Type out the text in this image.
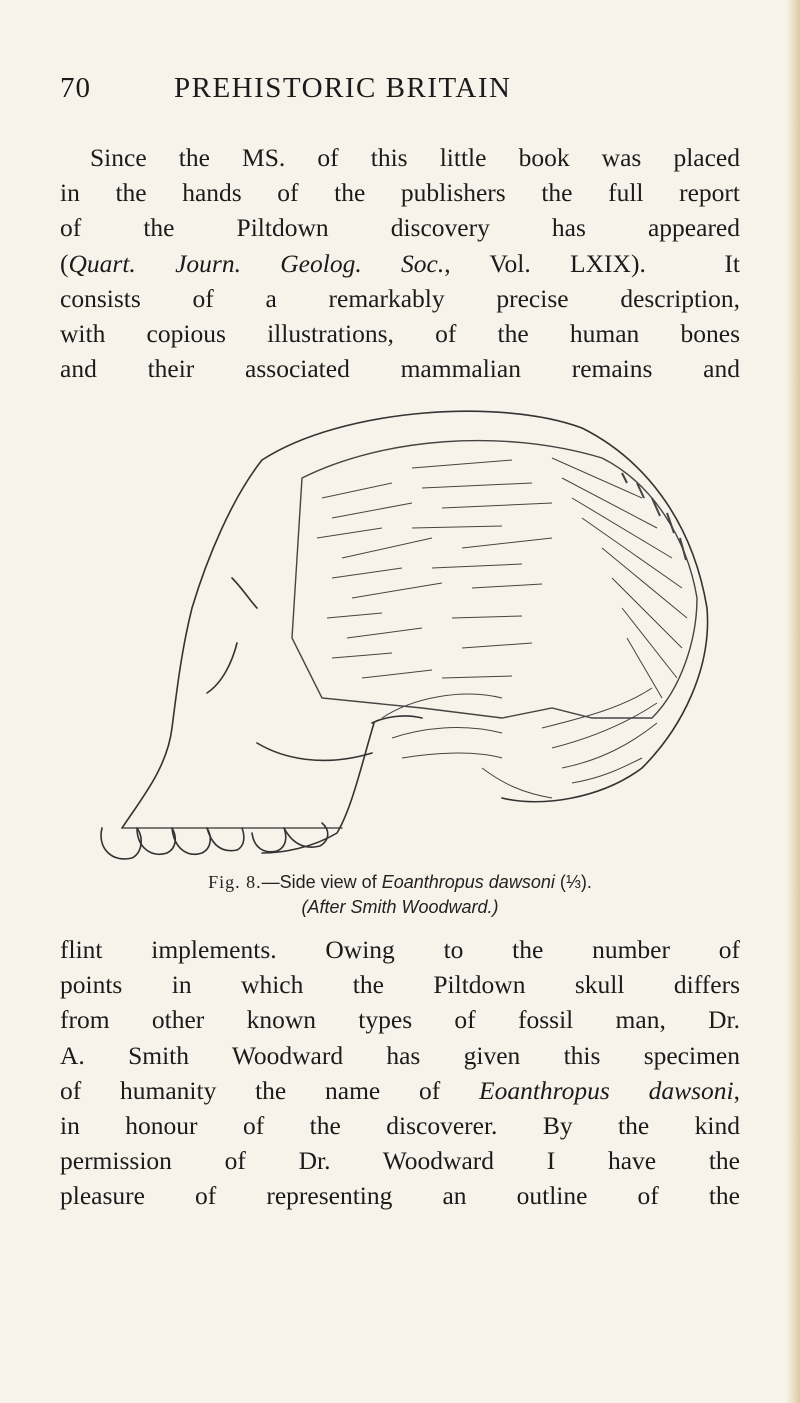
70	PREHISTORIC BRITAIN
Since the MS. of this little book was placed
in the hands of the publishers the full report
of the Piltdown discovery has appeared
(Quart. Journ. Geolog. Soc., Vol. LXIX).  It
consists of a remarkably precise description,
with copious illustrations, of the human bones
and their associated mammalian remains and
Fig. 8.—Side view of Eoanthropus dawsoni (⅓).
(After Smith Woodward.)
flint implements. Owing to the number of
points in which the Piltdown skull differs
from other known types of fossil man, Dr.
A. Smith Woodward has given this specimen
of humanity the name of Eoanthropus dawsoni,
in honour of the discoverer. By the kind
permission of Dr. Woodward I have the
pleasure of representing an outline of the
